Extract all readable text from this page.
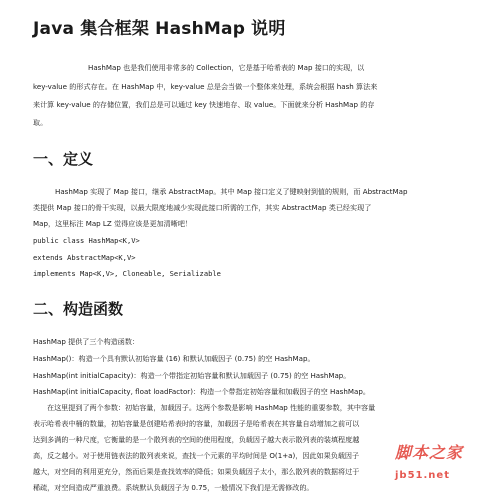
Java 集合框架 HashMap 说明

HashMap 也是我们使用非常多的 Collection，它是基于哈希表的 Map 接口的实现，以

key-value 的形式存在。在 HashMap 中，key-value 总是会当做一个整体来处理，系统会根据 hash 算法来

来计算 key-value 的存储位置，我们总是可以通过 key 快速地存、取 value。下面就来分析 HashMap 的存

取。

一、定义

HashMap 实现了 Map 接口，继承 AbstractMap。其中 Map 接口定义了键映射到值的规则，而 AbstractMap

类提供 Map 接口的骨干实现，以最大限度地减少实现此接口所需的工作，其实 AbstractMap 类已经实现了

Map，这里标注 Map LZ 觉得应该是更加清晰吧！

public class HashMap<K,V>

extends AbstractMap<K,V>

implements Map<K,V>, Cloneable, Serializable

二、构造函数

HashMap 提供了三个构造函数：

HashMap()：构造一个具有默认初始容量 (16) 和默认加载因子 (0.75) 的空 HashMap。

HashMap(int initialCapacity)：构造一个带指定初始容量和默认加载因子 (0.75) 的空 HashMap。

HashMap(int initialCapacity, float loadFactor)：构造一个带指定初始容量和加载因子的空 HashMap。

在这里提到了两个参数：初始容量，加载因子。这两个参数是影响 HashMap 性能的重要参数，其中容量

表示哈希表中桶的数量，初始容量是创建哈希表时的容量，加载因子是哈希表在其容量自动增加之前可以

达到多满的一种尺度，它衡量的是一个散列表的空间的使用程度，负载因子越大表示散列表的装填程度越

高，反之越小。对于使用链表法的散列表来说，查找一个元素的平均时间是 O(1+a)，因此如果负载因子

越大，对空间的利用更充分，然而后果是查找效率的降低；如果负载因子太小，那么散列表的数据将过于

稀疏，对空间造成严重浪费。系统默认负载因子为 0.75，一般情况下我们是无需修改的。

脚本之家
jb51.net
